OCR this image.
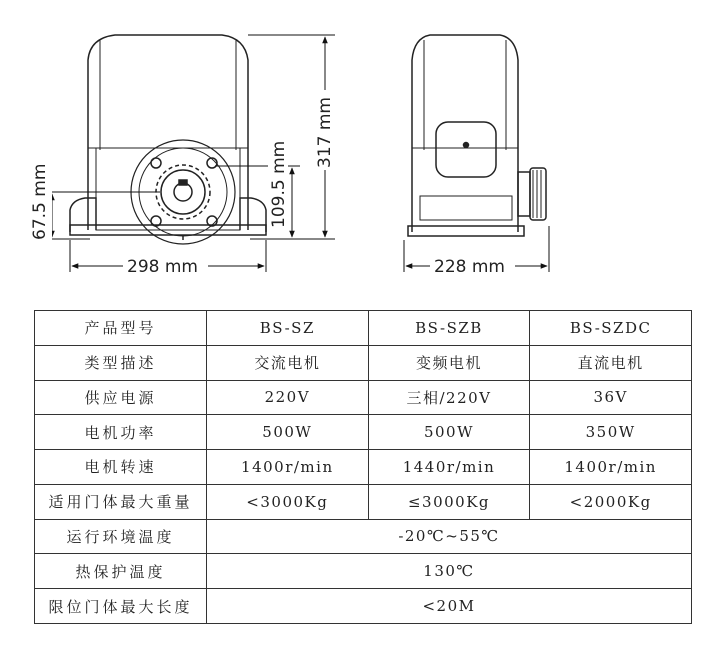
67.5 mm	109.5 mm
317 mm
298 mm	228 mm
产品型号	BS-SZ	BS-SZB	BS-SZDC
类型描述	交流电机	变频电机	直流电机
供应电源	220V	三相/220V	36V
电机功率	500W	500W	350W
电机转速	1400r/min	1440r/min	1400r/min
适用门体最大重量	<3000Kg	≤3000Kg	<2000Kg
运行环境温度	-20℃~55℃		
热保护温度	130℃		
限位门体最大长度	<20M		
